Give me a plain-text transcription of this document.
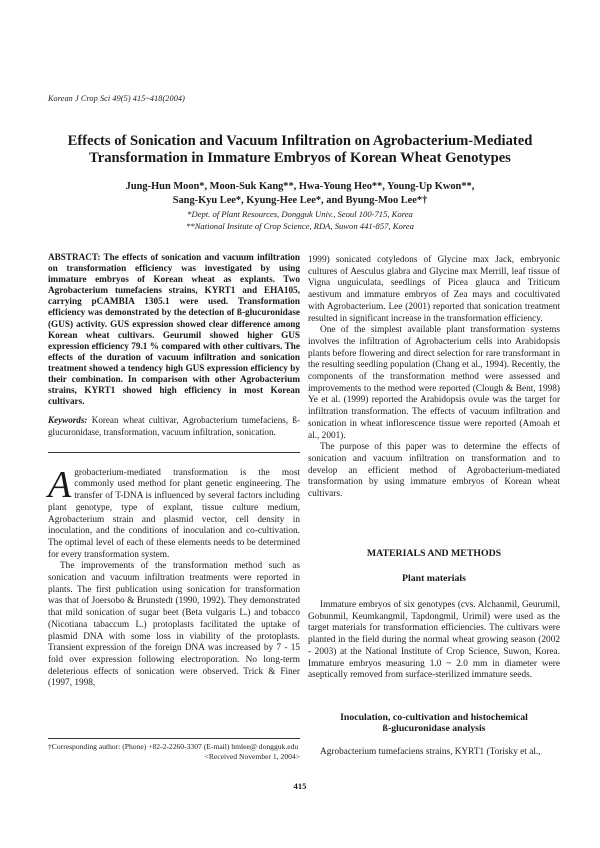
Korean J Crop Sci 49(5) 415~418(2004)
Effects of Sonication and Vacuum Infiltration on Agrobacterium-Mediated
Transformation in Immature Embryos of Korean Wheat Genotypes
Jung-Hun Moon*, Moon-Suk Kang**, Hwa-Young Heo**, Young-Up Kwon**,
Sang-Kyu Lee*, Kyung-Hee Lee*, and Byung-Moo Lee*†
*Dept. of Plant Resources, Dongguk Univ., Seoul 100-715, Korea
**National Insitute of Crop Science, RDA, Suwon 441-857, Korea

ABSTRACT: The effects of sonication and vacuum infiltration on transformation efficiency was investigated by using immature embryos of Korean wheat as explants. Two Agrobacterium tumefaciens strains, KYRT1 and EHA105, carrying pCAMBIA 1305.1 were used. Transformation efficiency was demonstrated by the detection of ß-glucuronidase (GUS) activity. GUS expression showed clear difference among Korean wheat cultivars. Geurumil showed higher GUS expression efficiency 79.1 % compared with other cultivars. The effects of the duration of vacuum infiltration and sonication treatment showed a tendency high GUS expression efficiency by their combination. In comparison with other Agrobacterium strains, KYRT1 showed high efficiency in most Korean cultivars.

Keywords: Korean wheat cultivar, Agrobacterium tumefaciens, ß-glucuronidase, transformation, vacuum infiltration, sonication.

Agrobacterium-mediated transformation is the most commonly used method for plant genetic engineering. The transfer of T-DNA is influenced by several factors including plant genotype, type of explant, tissue culture medium, Agrobacterium strain and plasmid vector, cell density in inoculation, and the conditions of inoculation and co-cultivation. The optimal level of each of these elements needs to be determined for every transformation system.

The improvements of the transformation method such as sonication and vacuum infiltration treatments were reported in plants. The first publication using sonication for transformation was that of Joersobo & Brunstedt (1990, 1992). They demonstrated that mild sonication of sugar beet (Beta vulgaris L.) and tobacco (Nicotiana tabaccum L.) protoplasts facilitated the uptake of plasmid DNA with some loss in viability of the protoplasts. Transient expression of the foreign DNA was increased by 7 - 15 fold over expression following electroporation. No long-term deleterious effects of sonication were observed. Trick & Finer (1997, 1998,

1999) sonicated cotyledons of Glycine max Jack, embryonic cultures of Aesculus glabra and Glycine max Merrill, leaf tissue of Vigna unguiculata, seedlings of Picea glauca and Triticum aestivum and immature embryos of Zea mays and cocultivated with Agrobacterium. Lee (2001) reported that sonication treatment resulted in significant increase in the transformation efficiency.

One of the simplest available plant transformation systems involves the infiltration of Agrobacterium cells into Arabidopsis plants before flowering and direct selection for rare transformant in the resulting seedling population (Chang et al., 1994). Recently, the components of the transformation method were assessed and improvements to the method were reported (Clough & Bent, 1998) Ye et al. (1999) reported the Arabidopsis ovule was the target for infiltration transformation. The effects of vacuum infiltration and sonication in wheat inflorescence tissue were reported (Amoah et al., 2001).

The purpose of this paper was to determine the effects of sonication and vacuum infiltration on transformation and to develop an efficient method of Agrobacterium-mediated transformation by using immature embryos of Korean wheat cultivars.

MATERIALS AND METHODS
Plant materials

Immature embryos of six genotypes (cvs. Alchanmil, Geurumil, Gobunmil, Keumkangmil, Tapdongmil, Urimil) were used as the target materials for transformation efficiencies. The cultivars were planted in the field during the normal wheat growing season (2002 - 2003) at the National Institute of Crop Science, Suwon, Korea. Immature embryos measuring 1.0 ~ 2.0 mm in diameter were aseptically removed from surface-sterilized immature seeds.

Inoculation, co-cultivation and histochemical
ß-glucuronidase analysis

Agrobacterium tumefaciens strains, KYRT1 (Torisky et al.,

†Corresponding author: (Phone) +82-2-2260-3307 (E-mail) bmlee@ dongguk.edu
<Received November 1, 2004>
415
